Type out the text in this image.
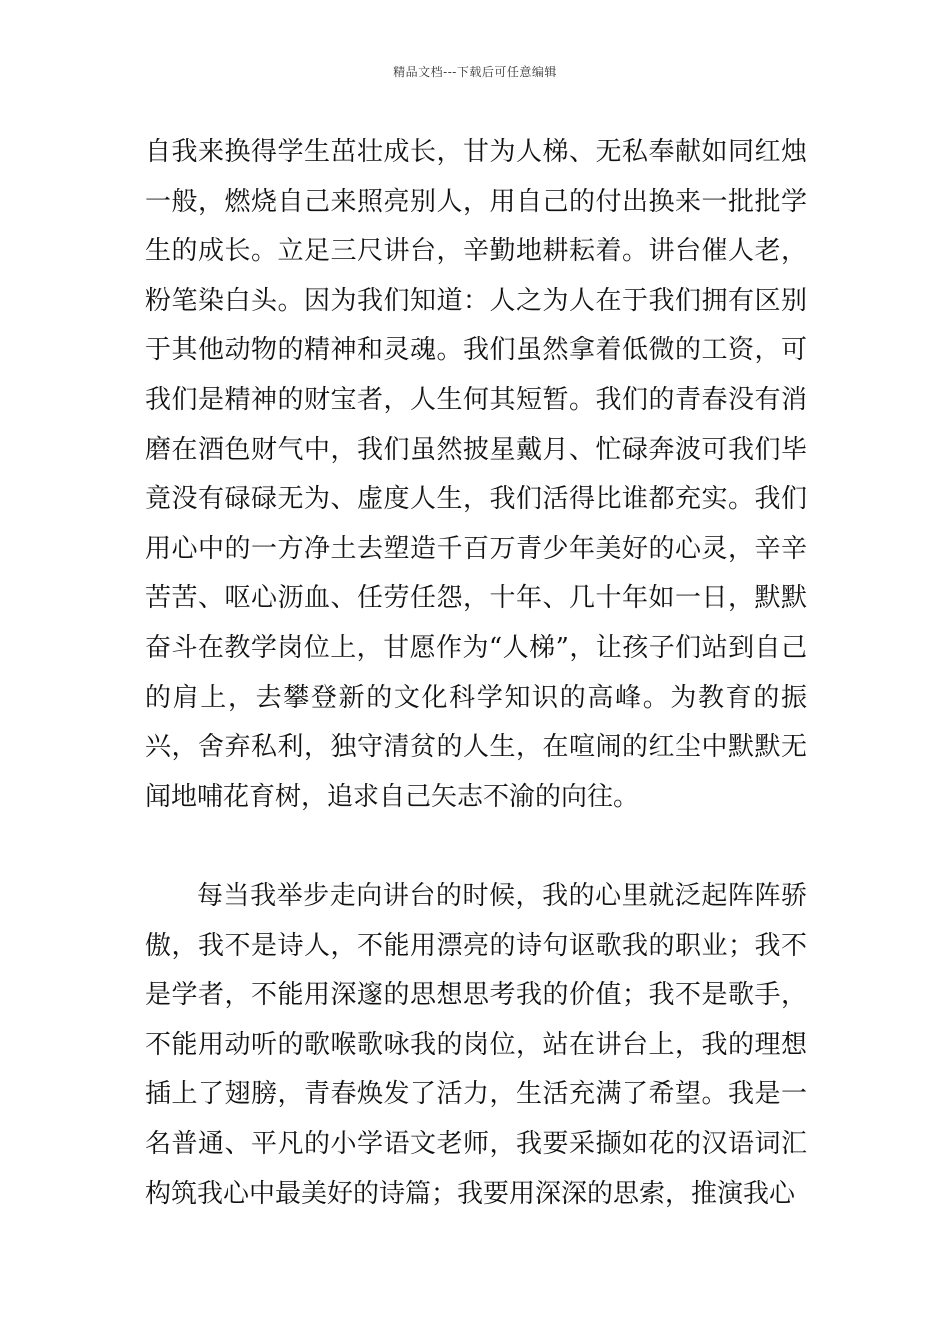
精品文档---下载后可任意编辑

自我来换得学生茁壮成长，甘为人梯、无私奉献如同红烛一般，燃烧自己来照亮别人，用自己的付出换来一批批学生的成长。立足三尺讲台，辛勤地耕耘着。讲台催人老，粉笔染白头。因为我们知道：人之为人在于我们拥有区别于其他动物的精神和灵魂。我们虽然拿着低微的工资，可我们是精神的财宝者，人生何其短暂。我们的青春没有消磨在酒色财气中，我们虽然披星戴月、忙碌奔波可我们毕竟没有碌碌无为、虚度人生，我们活得比谁都充实。我们用心中的一方净土去塑造千百万青少年美好的心灵，辛辛苦苦、呕心沥血、任劳任怨，十年、几十年如一日，默默奋斗在教学岗位上，甘愿作为“人梯”，让孩子们站到自己的肩上，去攀登新的文化科学知识的高峰。为教育的振兴，舍弃私利，独守清贫的人生，在喧闹的红尘中默默无闻地哺花育树，追求自己矢志不渝的向往。

每当我举步走向讲台的时候，我的心里就泛起阵阵骄傲，我不是诗人，不能用漂亮的诗句讴歌我的职业；我不是学者，不能用深邃的思想思考我的价值；我不是歌手，不能用动听的歌喉歌咏我的岗位，站在讲台上，我的理想插上了翅膀，青春焕发了活力，生活充满了希望。我是一名普通、平凡的小学语文老师，我要采撷如花的汉语词汇构筑我心中最美好的诗篇；我要用深深的思索，推演我心
